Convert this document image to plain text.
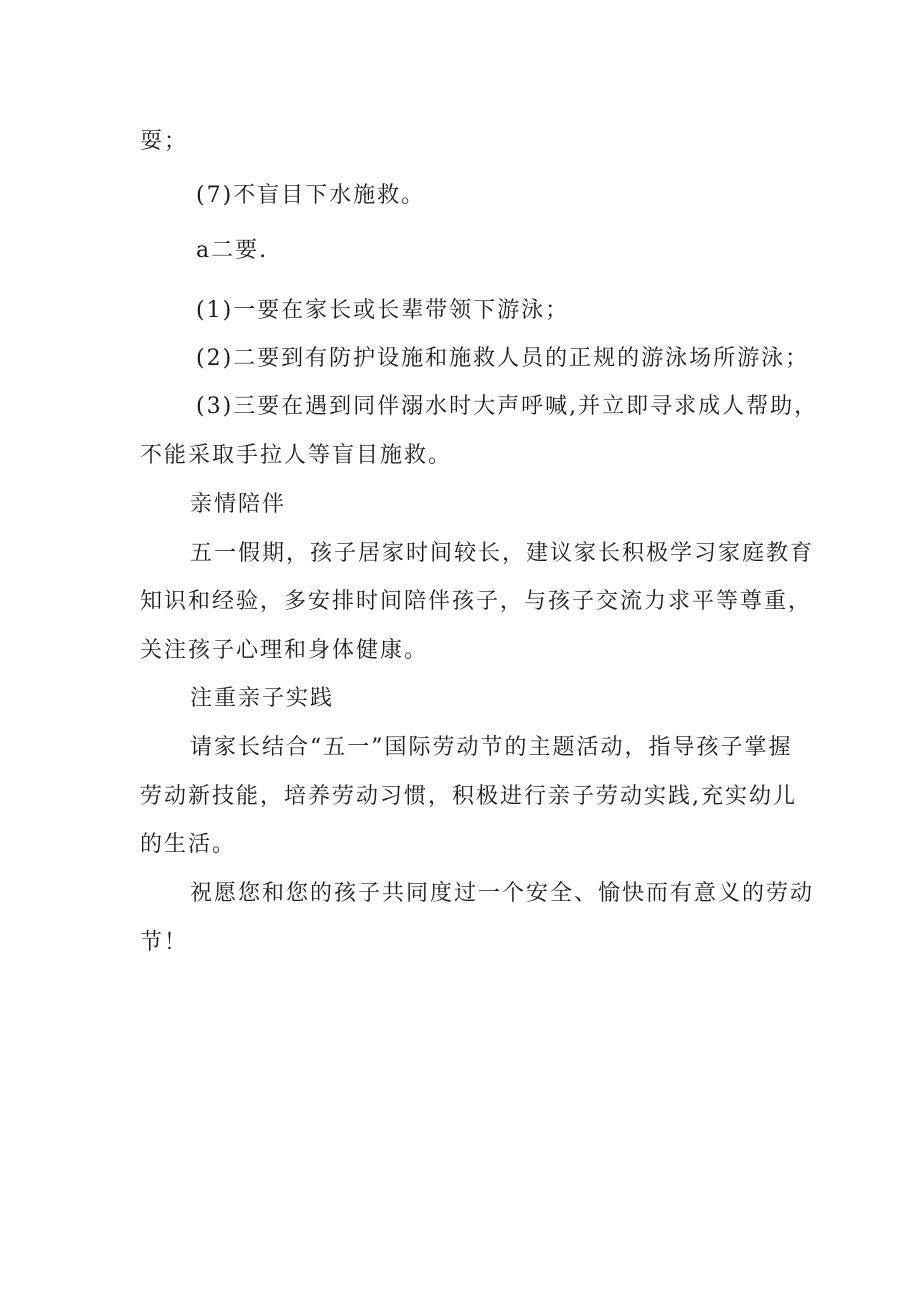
耍；
(7)不盲目下水施救。
a二要.
(1)一要在家长或长辈带领下游泳；
(2)二要到有防护设施和施救人员的正规的游泳场所游泳；
(3)三要在遇到同伴溺水时大声呼喊,并立即寻求成人帮助，
不能采取手拉人等盲目施救。
亲情陪伴
五一假期，孩子居家时间较长，建议家长积极学习家庭教育
知识和经验，多安排时间陪伴孩子，与孩子交流力求平等尊重，
关注孩子心理和身体健康。
注重亲子实践
请家长结合“五一”国际劳动节的主题活动，指导孩子掌握
劳动新技能，培养劳动习惯，积极进行亲子劳动实践,充实幼儿
的生活。
祝愿您和您的孩子共同度过一个安全、愉快而有意义的劳动
节！
